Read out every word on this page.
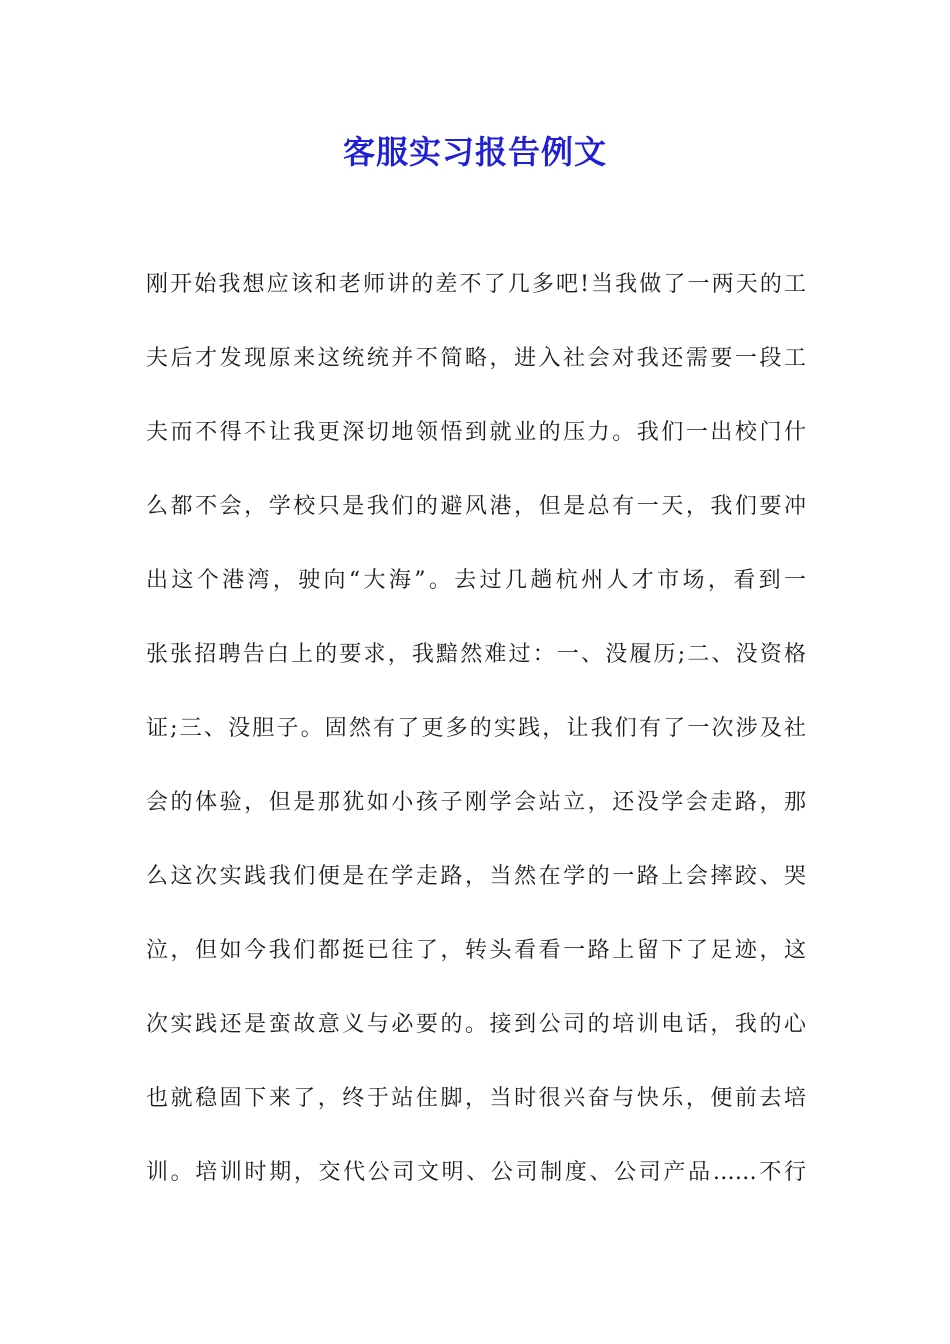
客服实习报告例文
刚开始我想应该和老师讲的差不了几多吧!当我做了一两天的工
夫后才发现原来这统统并不简略，进入社会对我还需要一段工
夫而不得不让我更深切地领悟到就业的压力。我们一出校门什
么都不会，学校只是我们的避风港，但是总有一天，我们要冲
出这个港湾，驶向“大海”。去过几趟杭州人才市场，看到一
张张招聘告白上的要求，我黯然难过：一、没履历;二、没资格
证;三、没胆子。固然有了更多的实践，让我们有了一次涉及社
会的体验，但是那犹如小孩子刚学会站立，还没学会走路，那
么这次实践我们便是在学走路，当然在学的一路上会摔跤、哭
泣，但如今我们都挺已往了，转头看看一路上留下了足迹，这
次实践还是蛮故意义与必要的。接到公司的培训电话，我的心
也就稳固下来了，终于站住脚，当时很兴奋与快乐，便前去培
训。培训时期，交代公司文明、公司制度、公司产品……不行
